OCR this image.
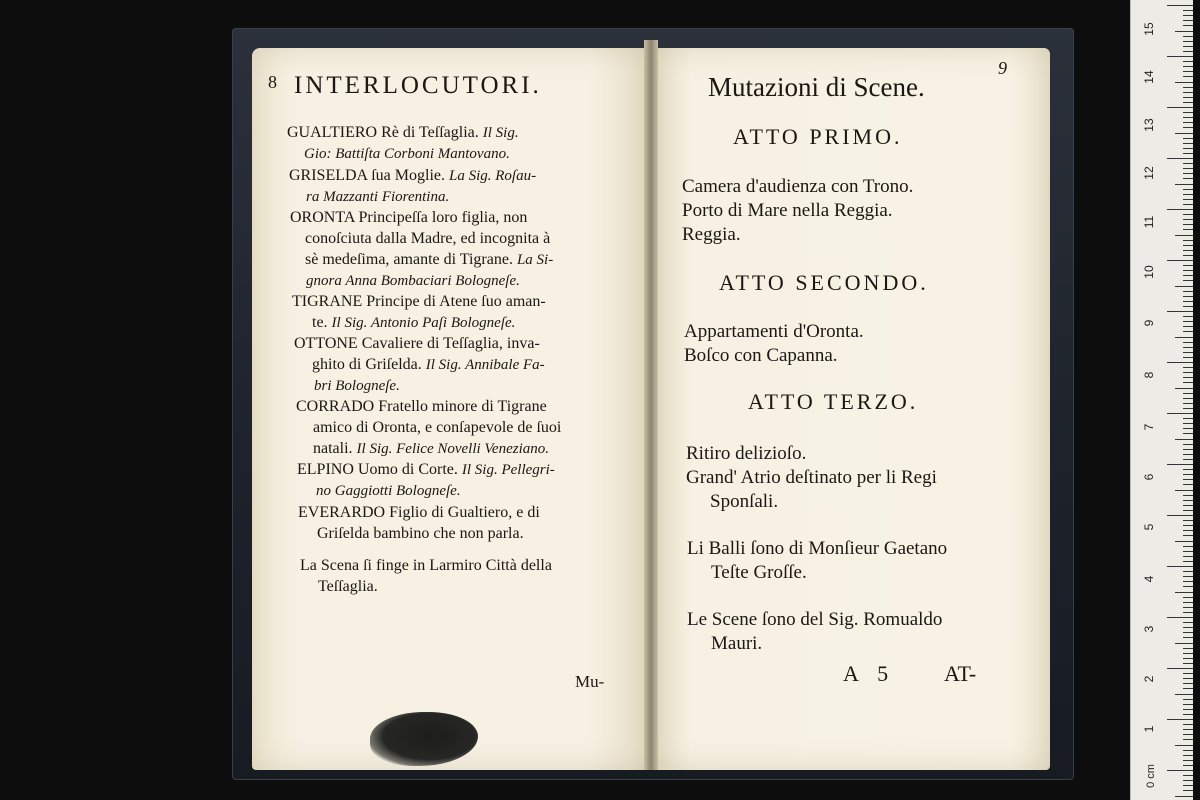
8 INTERLOCUTORI.
GUALTIERO Rè di Teſſaglia. Il Sig.
Gio: Battiſta Corboni Mantovano.
GRISELDA ſua Moglie. La Sig. Roſau-
ra Mazzanti Fiorentina.
ORONTA Principeſſa loro figlia, non
conoſciuta dalla Madre, ed incognita à
sè medeſima, amante di Tigrane. La Si-
gnora Anna Bombaciari Bologneſe.
TIGRANE Principe di Atene ſuo aman-
te. Il Sig. Antonio Paſi Bologneſe.
OTTONE Cavaliere di Teſſaglia, inva-
ghito di Griſelda. Il Sig. Annibale Fa-
bri Bologneſe.
CORRADO Fratello minore di Tigrane
amico di Oronta, e conſapevole de ſuoi
natali. Il Sig. Felice Novelli Veneziano.
ELPINO Uomo di Corte. Il Sig. Pellegri-
no Gaggiotti Bologneſe.
EVERARDO Figlio di Gualtiero, e di
Griſelda bambino che non parla.
La Scena ſi finge in Larmiro Città della
Teſſaglia.
Mu-
Mutazioni di Scene.
9
ATTO PRIMO.
Camera d'audienza con Trono.
Porto di Mare nella Reggia.
Reggia.
ATTO SECONDO.
Appartamenti d'Oronta.
Boſco con Capanna.
ATTO TERZO.
Ritiro delizioſo.
Grand' Atrio deſtinato per li Regi
Sponſali.
Li Balli ſono di Monſieur Gaetano
Teſte Groſſe.
Le Scene ſono del Sig. Romualdo
Mauri.
A 5	AT-
15
14
13
12
11
10
9
8
7
6
5
4
3
2
1
0 cm
